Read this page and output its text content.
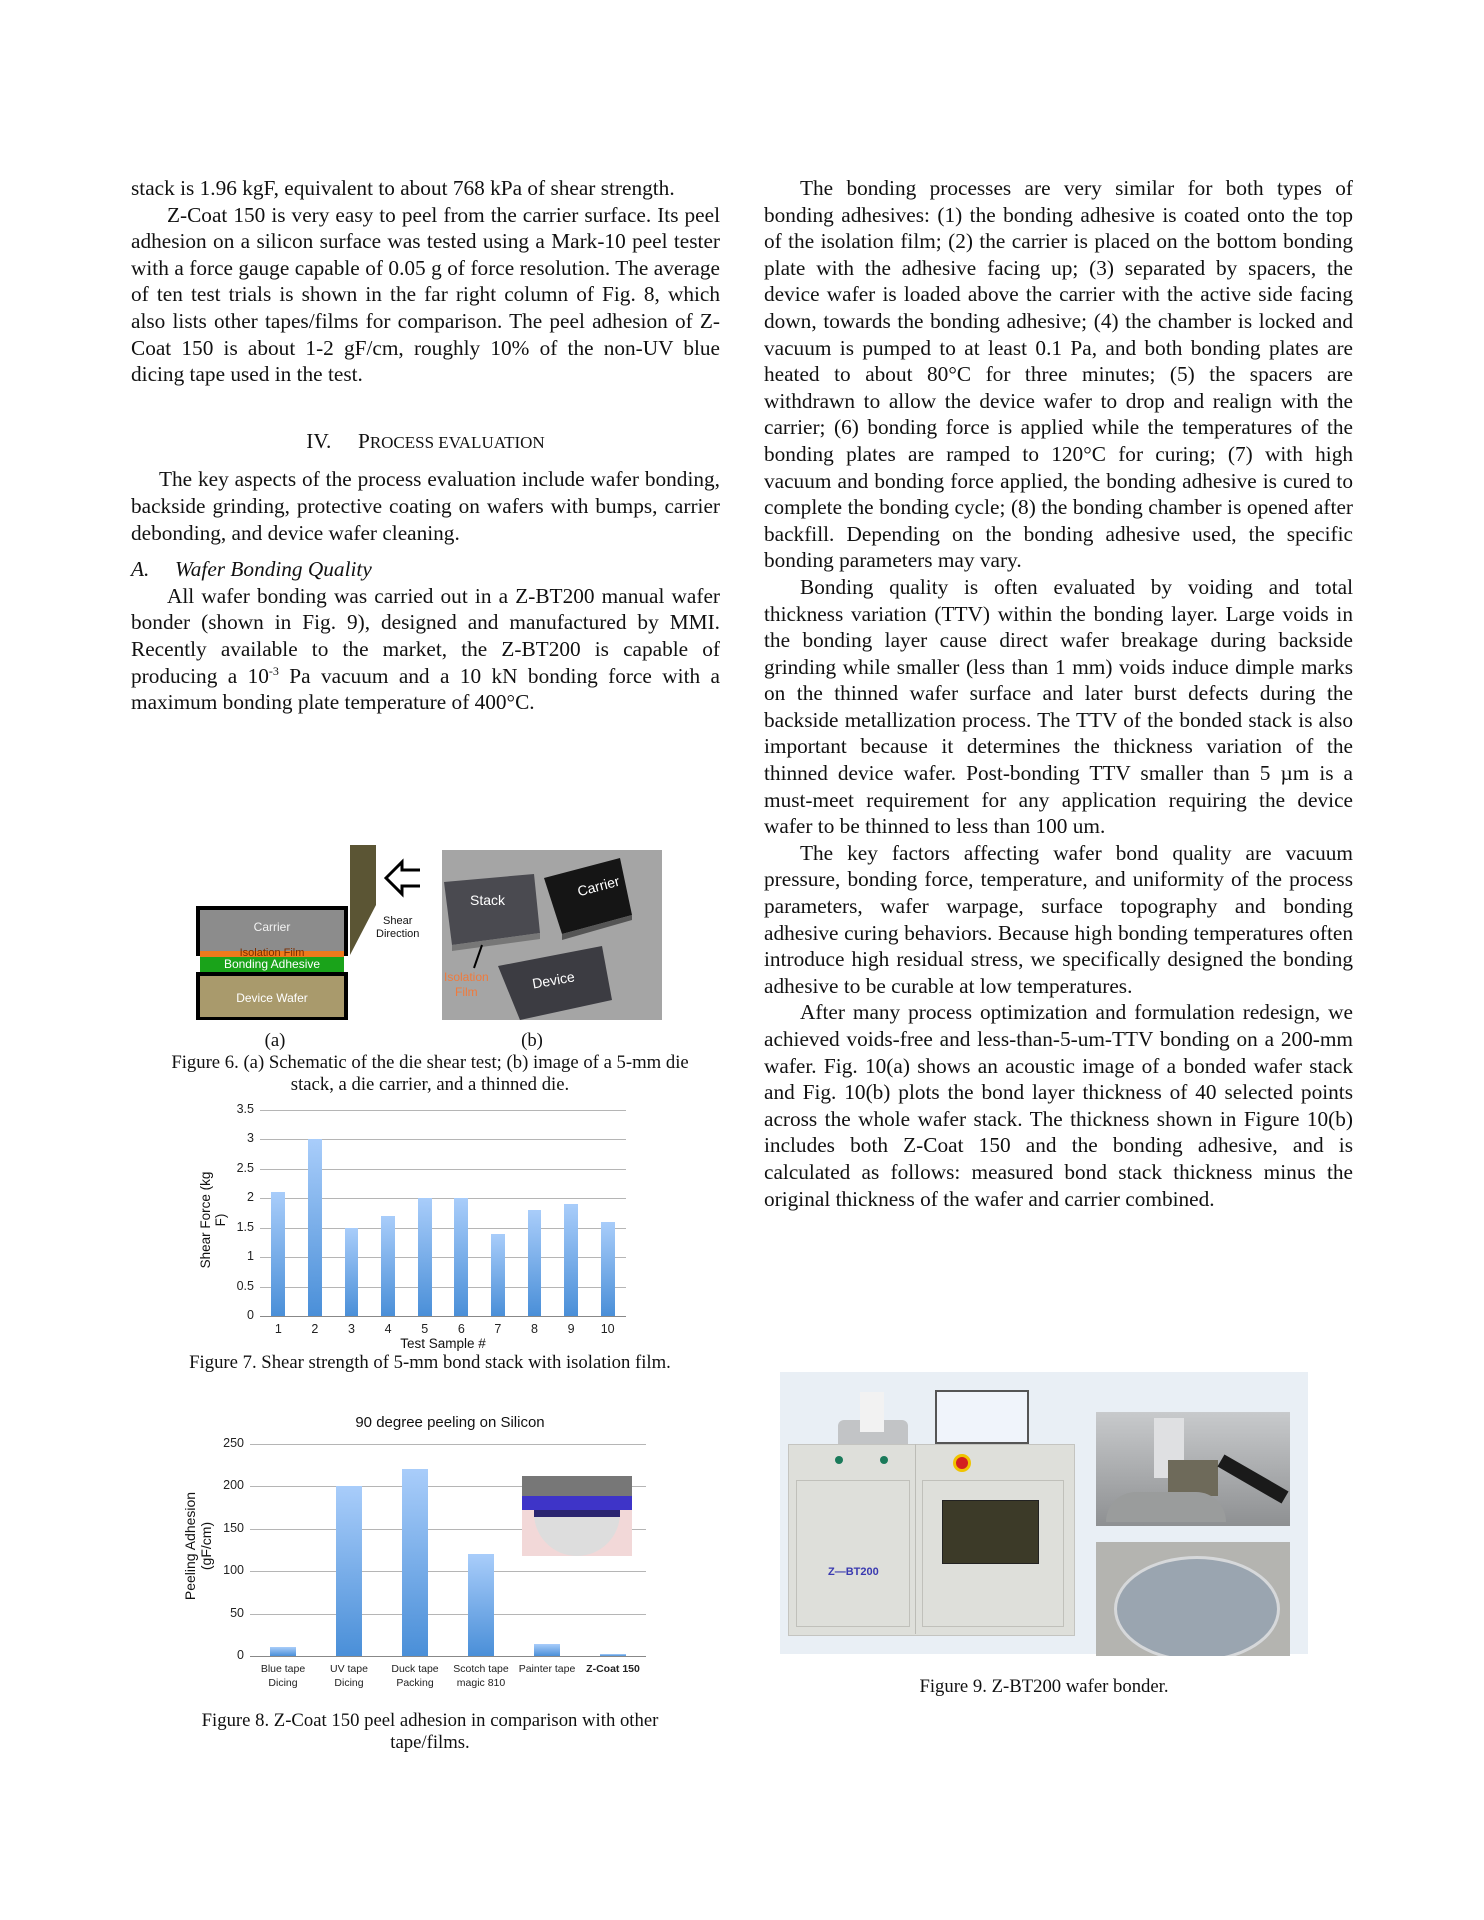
stack is 1.96 kgF, equivalent to about 768 kPa of shear strength.

Z-Coat 150 is very easy to peel from the carrier surface. Its peel adhesion on a silicon surface was tested using a Mark-10 peel tester with a force gauge capable of 0.05 g of force resolution. The average of ten test trials is shown in the far right column of Fig. 8, which also lists other tapes/films for comparison. The peel adhesion of Z-Coat 150 is about 1-2 gF/cm, roughly 10% of the non-UV blue dicing tape used in the test.

IV. PROCESS EVALUATION

The key aspects of the process evaluation include wafer bonding, backside grinding, protective coating on wafers with bumps, carrier debonding, and device wafer cleaning.

A. Wafer Bonding Quality

All wafer bonding was carried out in a Z-BT200 manual wafer bonder (shown in Fig. 9), designed and manufactured by MMI. Recently available to the market, the Z-BT200 is capable of producing a $10^{-3}$ Pa vacuum and a 10 kN bonding force with a maximum bonding plate temperature of 400°C.

Carrier
Isolation Film
Bonding Adhesive
Device Wafer
Shear
Direction
Stack
Carrier
Device
Isolation
Film
(a)	(b)
Figure 6. (a) Schematic of the die shear test; (b) image of a 5-mm die
stack, a die carrier, and a thinned die.
Shear Force (kg F)
0
0.5
1
1.5
2
2.5
3
3.5
1	2	3	4	5	6	7	8	9	10
Test Sample #
Figure 7. Shear strength of 5-mm bond stack with isolation film.
90 degree peeling on Silicon
Peeling Adhesion (gF/cm)
0
50
100
150
200
250
Blue tape
Dicing
UV tape
Dicing
Duck tape
Packing
Scotch tape
magic 810
Painter tape
	Z-Coat 150

Figure 8. Z-Coat 150 peel adhesion in comparison with other
tape/films.

The bonding processes are very similar for both types of bonding adhesives: (1) the bonding adhesive is coated onto the top of the isolation film; (2) the carrier is placed on the bottom bonding plate with the adhesive facing up; (3) separated by spacers, the device wafer is loaded above the carrier with the active side facing down, towards the bonding adhesive; (4) the chamber is locked and vacuum is pumped to at least 0.1 Pa, and both bonding plates are heated to about 80°C for three minutes; (5) the spacers are withdrawn to allow the device wafer to drop and realign with the carrier; (6) bonding force is applied while the temperatures of the bonding plates are ramped to 120°C for curing; (7) with high vacuum and bonding force applied, the bonding adhesive is cured to complete the bonding cycle; (8) the bonding chamber is opened after backfill. Depending on the bonding adhesive used, the specific bonding parameters may vary.

Bonding quality is often evaluated by voiding and total thickness variation (TTV) within the bonding layer. Large voids in the bonding layer cause direct wafer breakage during backside grinding while smaller (less than 1 mm) voids induce dimple marks on the thinned wafer surface and later burst defects during the backside metallization process. The TTV of the bonded stack is also important because it determines the thickness variation of the thinned device wafer. Post-bonding TTV smaller than 5 µm is a must-meet requirement for any application requiring the device wafer to be thinned to less than 100 um.

The key factors affecting wafer bond quality are vacuum pressure, bonding force, temperature, and uniformity of the process parameters, wafer warpage, surface topography and bonding adhesive curing behaviors. Because high bonding temperatures often introduce high residual stress, we specifically designed the bonding adhesive to be curable at low temperatures.

After many process optimization and formulation redesign, we achieved voids-free and less-than-5-um-TTV bonding on a 200-mm wafer. Fig. 10(a) shows an acoustic image of a bonded wafer stack and Fig. 10(b) plots the bond layer thickness of 40 selected points across the whole wafer stack. The thickness shown in Figure 10(b) includes both Z-Coat 150 and the bonding adhesive, and is calculated as follows: measured bond stack thickness minus the original thickness of the wafer and carrier combined.

Z—BT200
Figure 9. Z-BT200 wafer bonder.
